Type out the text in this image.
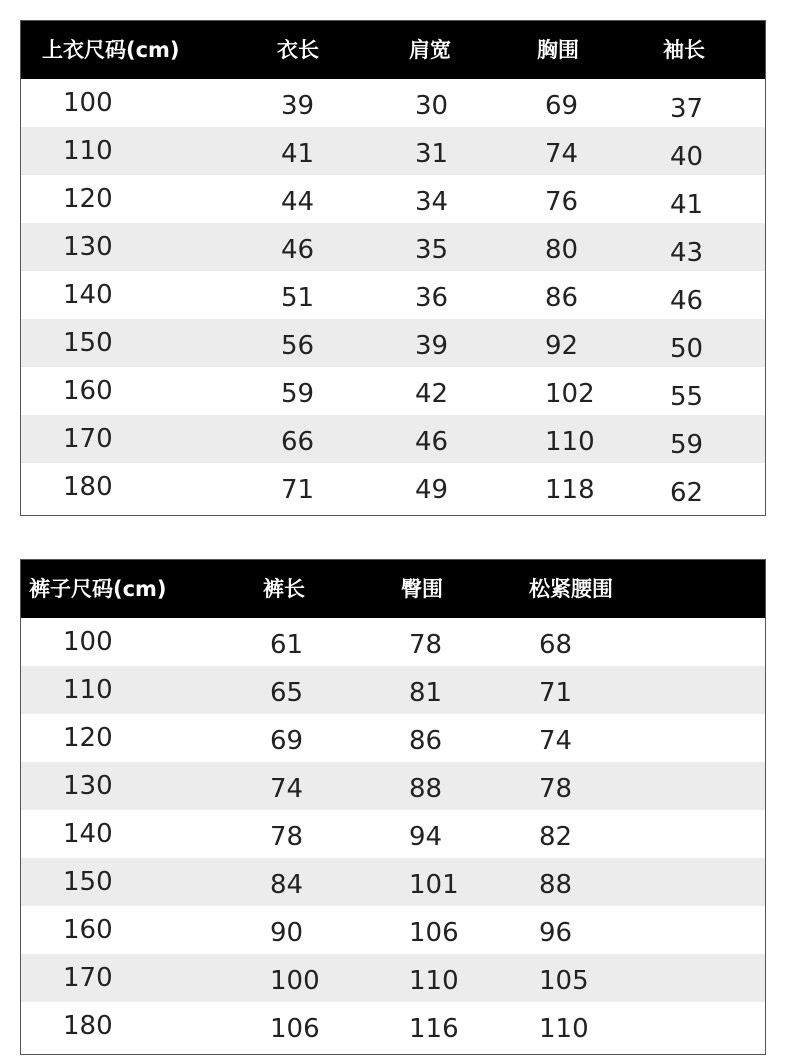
上衣尺码(cm)	衣长	肩宽	胸围	袖长
100	39	30	69	37
110	41	31	74	40
120	44	34	76	41
130	46	35	80	43
140	51	36	86	46
150	56	39	92	50
160	59	42	102	55
170	66	46	110	59
180	71	49	118	62
裤子尺码(cm)	裤长	臀围	松紧腰围
100	61	78	68
110	65	81	71
120	69	86	74
130	74	88	78
140	78	94	82
150	84	101	88
160	90	106	96
170	100	110	105
180	106	116	110
